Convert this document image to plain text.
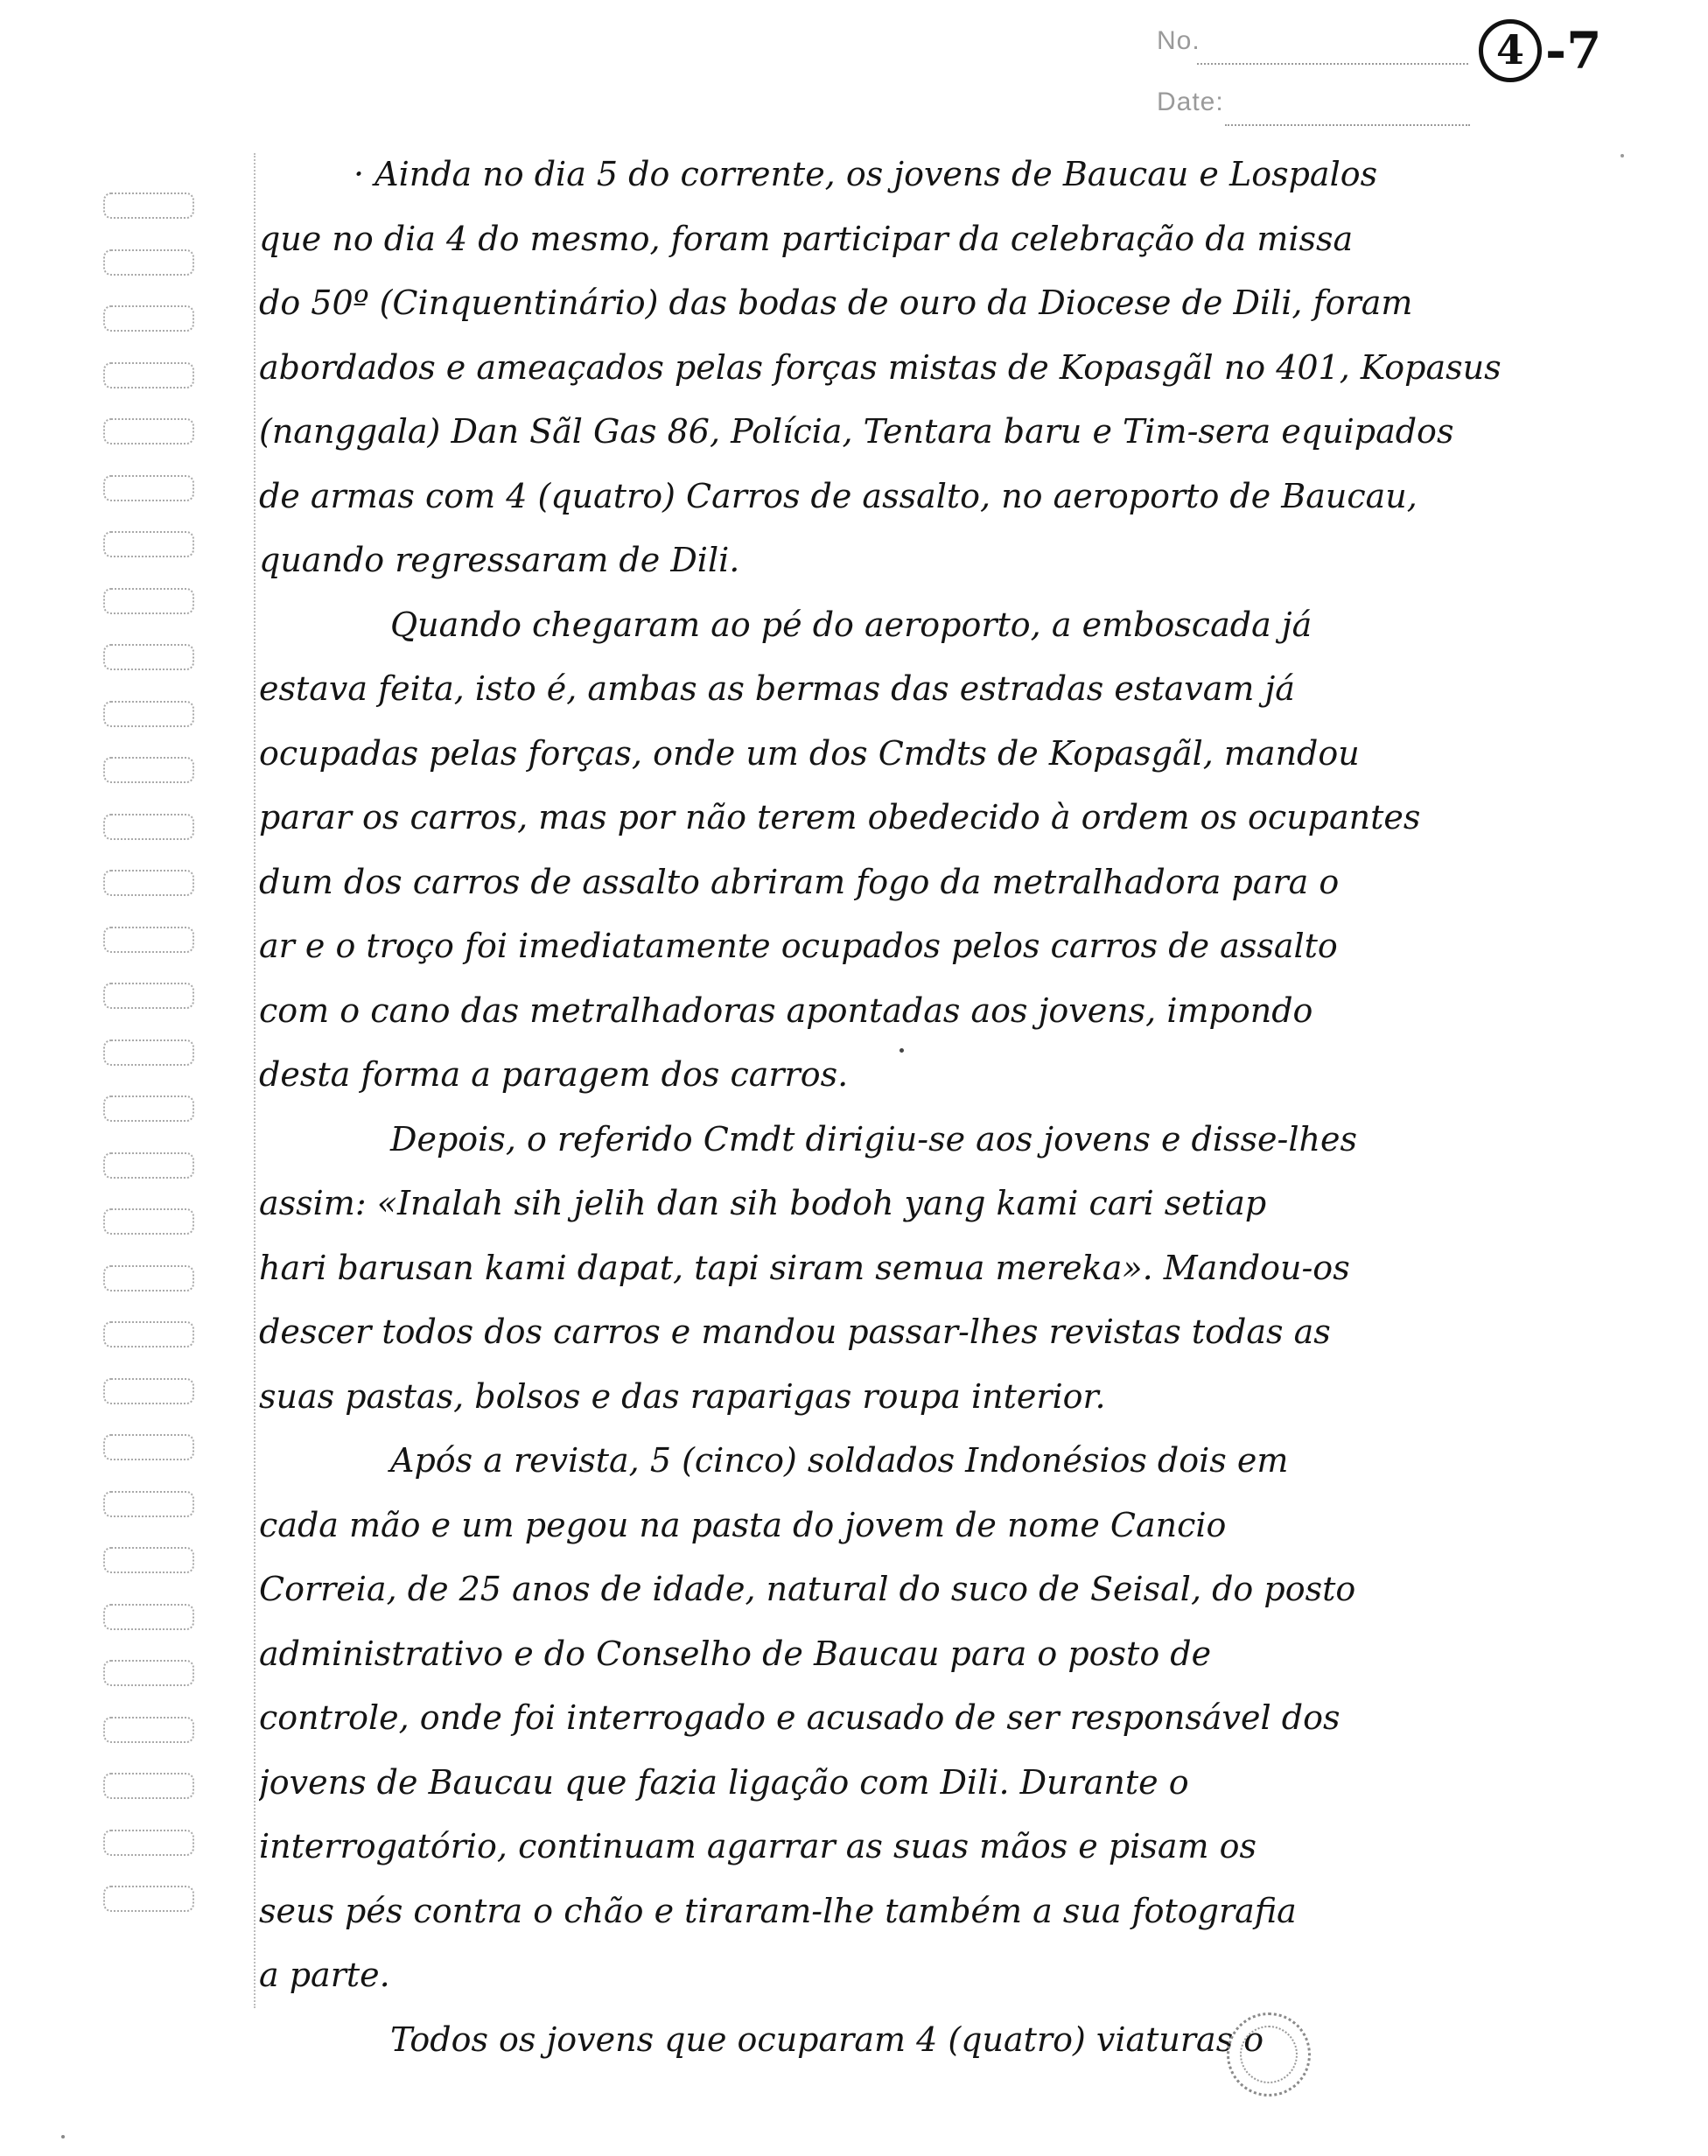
No.
Date:
4 -7
· Ainda no dia 5 do corrente, os jovens de Baucau e Lospalos
que no dia 4 do mesmo, foram participar da celebração da missa
do 50º (Cinquentinário) das bodas de ouro da Diocese de Dili, foram
abordados e ameaçados pelas forças mistas de Kopasgãl no 401, Kopasus
(nanggala) Dan Sãl Gas 86, Polícia, Tentara baru e Tim-sera equipados
de armas com 4 (quatro) Carros de assalto, no aeroporto de Baucau,
quando regressaram de Dili.
Quando chegaram ao pé do aeroporto, a emboscada já
estava feita, isto é, ambas as bermas das estradas estavam já
ocupadas pelas forças, onde um dos Cmdts de Kopasgãl, mandou
parar os carros, mas por não terem obedecido à ordem os ocupantes
dum dos carros de assalto abriram fogo da metralhadora para o
ar e o troço foi imediatamente ocupados pelos carros de assalto
com o cano das metralhadoras apontadas aos jovens, impondo
desta forma a paragem dos carros.
Depois, o referido Cmdt dirigiu-se aos jovens e disse-lhes
assim: «Inalah sih jelih dan sih bodoh yang kami cari setiap
hari barusan kami dapat, tapi siram semua mereka». Mandou-os
descer todos dos carros e mandou passar-lhes revistas todas as
suas pastas, bolsos e das raparigas roupa interior.
Após a revista, 5 (cinco) soldados Indonésios dois em
cada mão e um pegou na pasta do jovem de nome Cancio
Correia, de 25 anos de idade, natural do suco de Seisal, do posto
administrativo e do Conselho de Baucau para o posto de
controle, onde foi interrogado e acusado de ser responsável dos
jovens de Baucau que fazia ligação com Dili. Durante o
interrogatório, continuam agarrar as suas mãos e pisam os
seus pés contra o chão e tiraram-lhe também a sua fotografia
a parte.
Todos os jovens que ocuparam 4 (quatro) viaturas o
